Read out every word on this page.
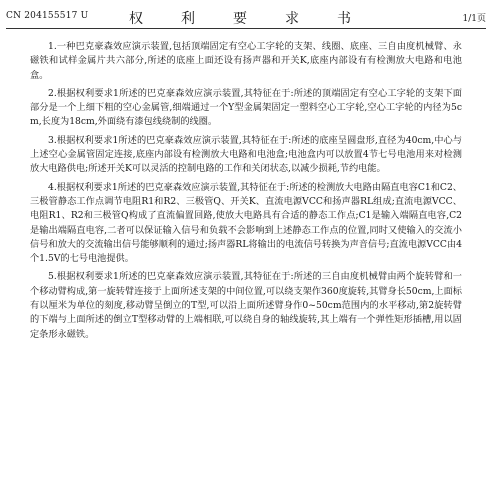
CN 204155517 U	权　利　要　求　书	1/1页

1.一种巴克豪森效应演示装置,包括顶端固定有空心工字轮的支架、线圈、底座、三自由度机械臂、永磁铁和试样金属片共六部分,所述的底座上面还设有扬声器和开关K,底座内部设有有检测放大电路和电池盒。

2.根据权利要求1所述的巴克豪森效应演示装置,其特征在于:所述的顶端固定有空心工字轮的支架下面部分是一个上细下粗的空心金属管,细端通过一个Y型金属架固定一塑料空心工字轮,空心工字轮的内径为5cm,长度为18cm,外面绕有漆包线绕制的线圈。

3.根据权利要求1所述的巴克豪森效应演示装置,其特征在于:所述的底座呈圆盘形,直径为40cm,中心与上述空心金属管固定连接,底座内部设有检测放大电路和电池盒;电池盒内可以放置4节七号电池用来对检测放大电路供电;所述开关K可以灵活的控制电路的工作和关闭状态,以减少损耗,节约电能。

4.根据权利要求1所述的巴克豪森效应演示装置,其特征在于:所述的检测放大电路由隔直电容C1和C2、三极管静态工作点调节电阻R1和R2、三极管Q、开关K、直流电源VCC和扬声器RL组成;直流电源VCC、电阻R1、R2和三极管Q构成了直流偏置回路,使放大电路具有合适的静态工作点;C1是输入端隔直电容,C2是输出端隔直电容,二者可以保证输入信号和负载不会影响到上述静态工作点的位置,同时又使输入的交流小信号和放大的交流输出信号能够顺利的通过;扬声器RL将输出的电流信号转换为声音信号;直流电源VCC由4个1.5V的七号电池提供。

5.根据权利要求1所述的巴克豪森效应演示装置,其特征在于:所述的三自由度机械臂由两个旋转臂和一个移动臂构成,第一旋转臂连接于上面所述支架的中间位置,可以绕支架作360度旋转,其臂身长50cm,上面标有以厘米为单位的刻度,移动臂呈倒立的T型,可以沿上面所述臂身作0~50cm范围内的水平移动,第2旋转臂的下端与上面所述的倒立T型移动臂的上端相联,可以绕自身的轴线旋转,其上端有一个弹性矩形插槽,用以固定条形永磁铁。
